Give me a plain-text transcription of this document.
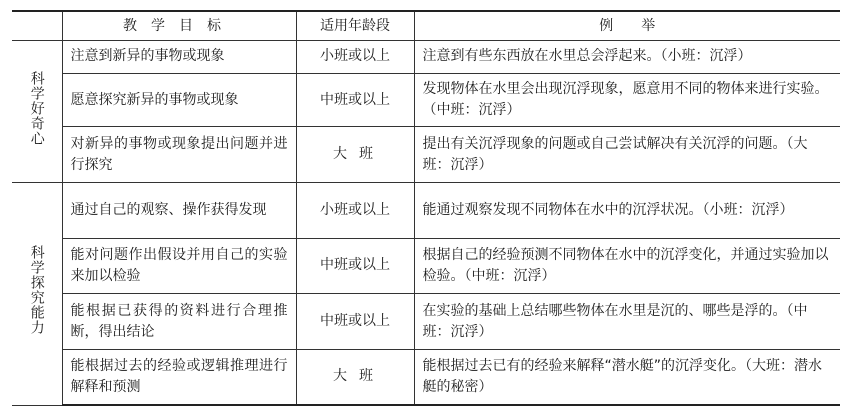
	教学目标	适用年龄段	例　　举
科学好奇心	注意到新异的事物或现象	小班或以上	注意到有些东西放在水里总会浮起来。（小班：沉浮）
	愿意探究新异的事物或现象	中班或以上	发现物体在水里会出现沉浮现象，愿意用不同的物体来进行实验。（中班：沉浮）
	对新异的事物或现象提出问题并进行探究	大班	提出有关沉浮现象的问题或自己尝试解决有关沉浮的问题。（大班：沉浮）
科学探究能力	通过自己的观察、操作获得发现	小班或以上	能通过观察发现不同物体在水中的沉浮状况。（小班：沉浮）
	能对问题作出假设并用自己的实验来加以检验	中班或以上	根据自己的经验预测不同物体在水中的沉浮变化，并通过实验加以检验。（中班：沉浮）
	能根据已获得的资料进行合理推断，得出结论	中班或以上	在实验的基础上总结哪些物体在水里是沉的、哪些是浮的。（中班：沉浮）
	能根据过去的经验或逻辑推理进行解释和预测	大班	能根据过去已有的经验来解释“潜水艇”的沉浮变化。（大班：潜水艇的秘密）
